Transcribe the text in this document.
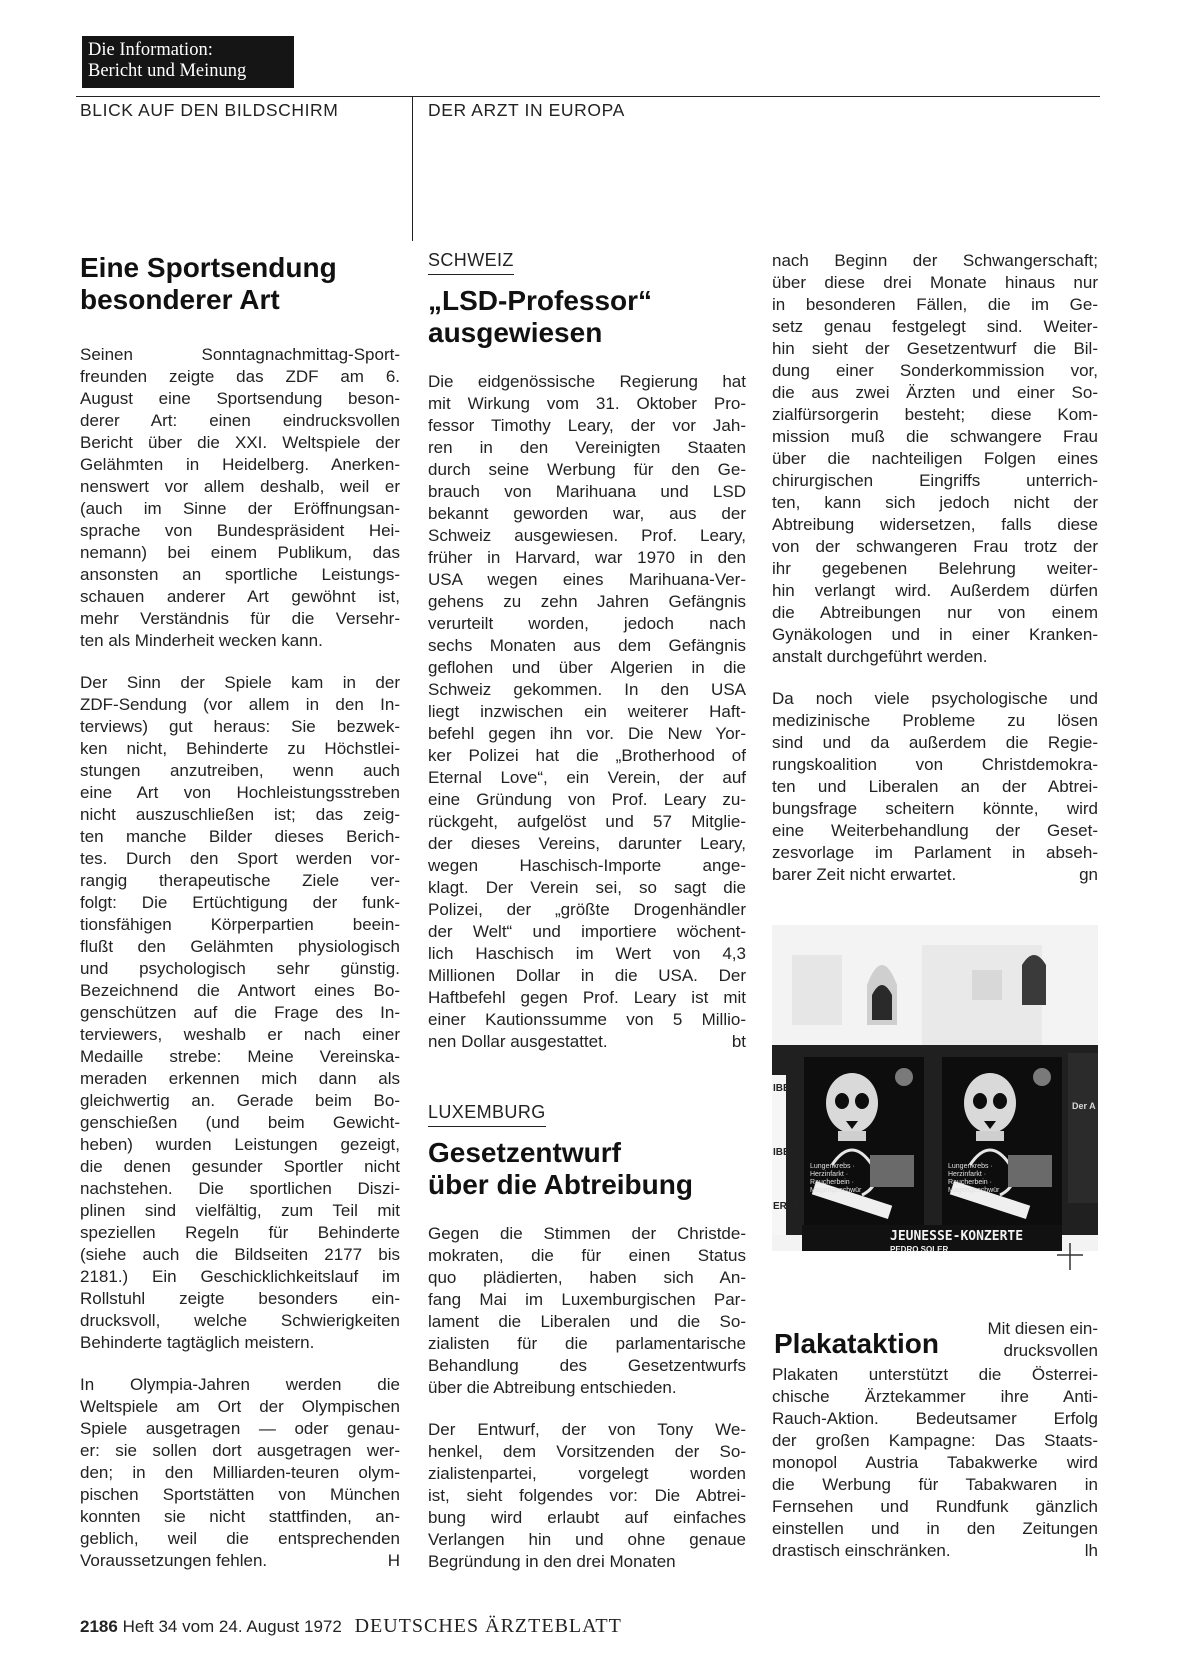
Die Information:
Bericht und Meinung
BLICK AUF DEN BILDSCHIRM	DER ARZT IN EUROPA
Eine Sportsendung
besonderer Art
Seinen Sonntagnachmittag-Sport-
freunden zeigte das ZDF am 6.
August eine Sportsendung beson-
derer Art: einen eindrucksvollen
Bericht über die XXI. Weltspiele der
Gelähmten in Heidelberg. Anerken-
nenswert vor allem deshalb, weil er
(auch im Sinne der Eröffnungsan-
sprache von Bundespräsident Hei-
nemann) bei einem Publikum, das
ansonsten an sportliche Leistungs-
schauen anderer Art gewöhnt ist,
mehr Verständnis für die Versehr-
ten als Minderheit wecken kann.
Der Sinn der Spiele kam in der
ZDF-Sendung (vor allem in den In-
terviews) gut heraus: Sie bezwek-
ken nicht, Behinderte zu Höchstlei-
stungen anzutreiben, wenn auch
eine Art von Hochleistungsstreben
nicht auszuschließen ist; das zeig-
ten manche Bilder dieses Berich-
tes. Durch den Sport werden vor-
rangig therapeutische Ziele ver-
folgt: Die Ertüchtigung der funk-
tionsfähigen Körperpartien beein-
flußt den Gelähmten physiologisch
und psychologisch sehr günstig.
Bezeichnend die Antwort eines Bo-
genschützen auf die Frage des In-
terviewers, weshalb er nach einer
Medaille strebe: Meine Vereinska-
meraden erkennen mich dann als
gleichwertig an. Gerade beim Bo-
genschießen (und beim Gewicht-
heben) wurden Leistungen gezeigt,
die denen gesunder Sportler nicht
nachstehen. Die sportlichen Diszi-
plinen sind vielfältig, zum Teil mit
speziellen Regeln für Behinderte
(siehe auch die Bildseiten 2177 bis
2181.) Ein Geschicklichkeitslauf im
Rollstuhl zeigte besonders ein-
drucksvoll, welche Schwierigkeiten
Behinderte tagtäglich meistern.
In Olympia-Jahren werden die
Weltspiele am Ort der Olympischen
Spiele ausgetragen — oder genau-
er: sie sollen dort ausgetragen wer-
den; in den Milliarden-teuren olym-
pischen Sportstätten von München
konnten sie nicht stattfinden, an-
geblich, weil die entsprechenden
Voraussetzungen fehlen.	H
SCHWEIZ
„LSD-Professor“
ausgewiesen
Die eidgenössische Regierung hat
mit Wirkung vom 31. Oktober Pro-
fessor Timothy Leary, der vor Jah-
ren in den Vereinigten Staaten
durch seine Werbung für den Ge-
brauch von Marihuana und LSD
bekannt geworden war, aus der
Schweiz ausgewiesen. Prof. Leary,
früher in Harvard, war 1970 in den
USA wegen eines Marihuana-Ver-
gehens zu zehn Jahren Gefängnis
verurteilt worden, jedoch nach
sechs Monaten aus dem Gefängnis
geflohen und über Algerien in die
Schweiz gekommen. In den USA
liegt inzwischen ein weiterer Haft-
befehl gegen ihn vor. Die New Yor-
ker Polizei hat die „Brotherhood of
Eternal Love“, ein Verein, der auf
eine Gründung von Prof. Leary zu-
rückgeht, aufgelöst und 57 Mitglie-
der dieses Vereins, darunter Leary,
wegen Haschisch-Importe ange-
klagt. Der Verein sei, so sagt die
Polizei, der „größte Drogenhändler
der Welt“ und importiere wöchent-
lich Haschisch im Wert von 4,3
Millionen Dollar in die USA. Der
Haftbefehl gegen Prof. Leary ist mit
einer Kautionssumme von 5 Millio-
nen Dollar ausgestattet.	bt
LUXEMBURG
Gesetzentwurf
über die Abtreibung
Gegen die Stimmen der Christde-
mokraten, die für einen Status
quo plädierten, haben sich An-
fang Mai im Luxemburgischen Par-
lament die Liberalen und die So-
zialisten für die parlamentarische
Behandlung des Gesetzentwurfs
über die Abtreibung entschieden.
Der Entwurf, der von Tony We-
henkel, dem Vorsitzenden der So-
zialistenpartei, vorgelegt worden
ist, sieht folgendes vor: Die Abtrei-
bung wird erlaubt auf einfaches
Verlangen hin und ohne genaue
Begründung in den drei Monaten
nach Beginn der Schwangerschaft;
über diese drei Monate hinaus nur
in besonderen Fällen, die im Ge-
setz genau festgelegt sind. Weiter-
hin sieht der Gesetzentwurf die Bil-
dung einer Sonderkommission vor,
die aus zwei Ärzten und einer So-
zialfürsorgerin besteht; diese Kom-
mission muß die schwangere Frau
über die nachteiligen Folgen eines
chirurgischen Eingriffs unterrich-
ten, kann sich jedoch nicht der
Abtreibung widersetzen, falls diese
von der schwangeren Frau trotz der
ihr gegebenen Belehrung weiter-
hin verlangt wird. Außerdem dürfen
die Abtreibungen nur von einem
Gynäkologen und in einer Kranken-
anstalt durchgeführt werden.
Da noch viele psychologische und
medizinische Probleme zu lösen
sind und da außerdem die Regie-
rungskoalition von Christdemokra-
ten und Liberalen an der Abtrei-
bungsfrage scheitern könnte, wird
eine Weiterbehandlung der Geset-
zesvorlage im Parlament in abseh-
barer Zeit nicht erwartet.	gn
Lungenkrebs · Herzinfarkt · Raucherbein · Magengeschwür
Lungenkrebs · Herzinfarkt · Raucherbein · Magengeschwür
JEUNESSE-KONZERTE
PEDRO SOLER
IBEN
IBEN
ERSE
Der A
Plakataktion	Mit diesen ein-
drucksvollen
Plakaten unterstützt die Österrei-
chische Ärztekammer ihre Anti-
Rauch-Aktion. Bedeutsamer Erfolg
der großen Kampagne: Das Staats-
monopol Austria Tabakwerke wird
die Werbung für Tabakwaren in
Fernsehen und Rundfunk gänzlich
einstellen und in den Zeitungen
drastisch einschränken.	lh
2186 Heft 34 vom 24. August 1972 DEUTSCHES ÄRZTEBLATT
